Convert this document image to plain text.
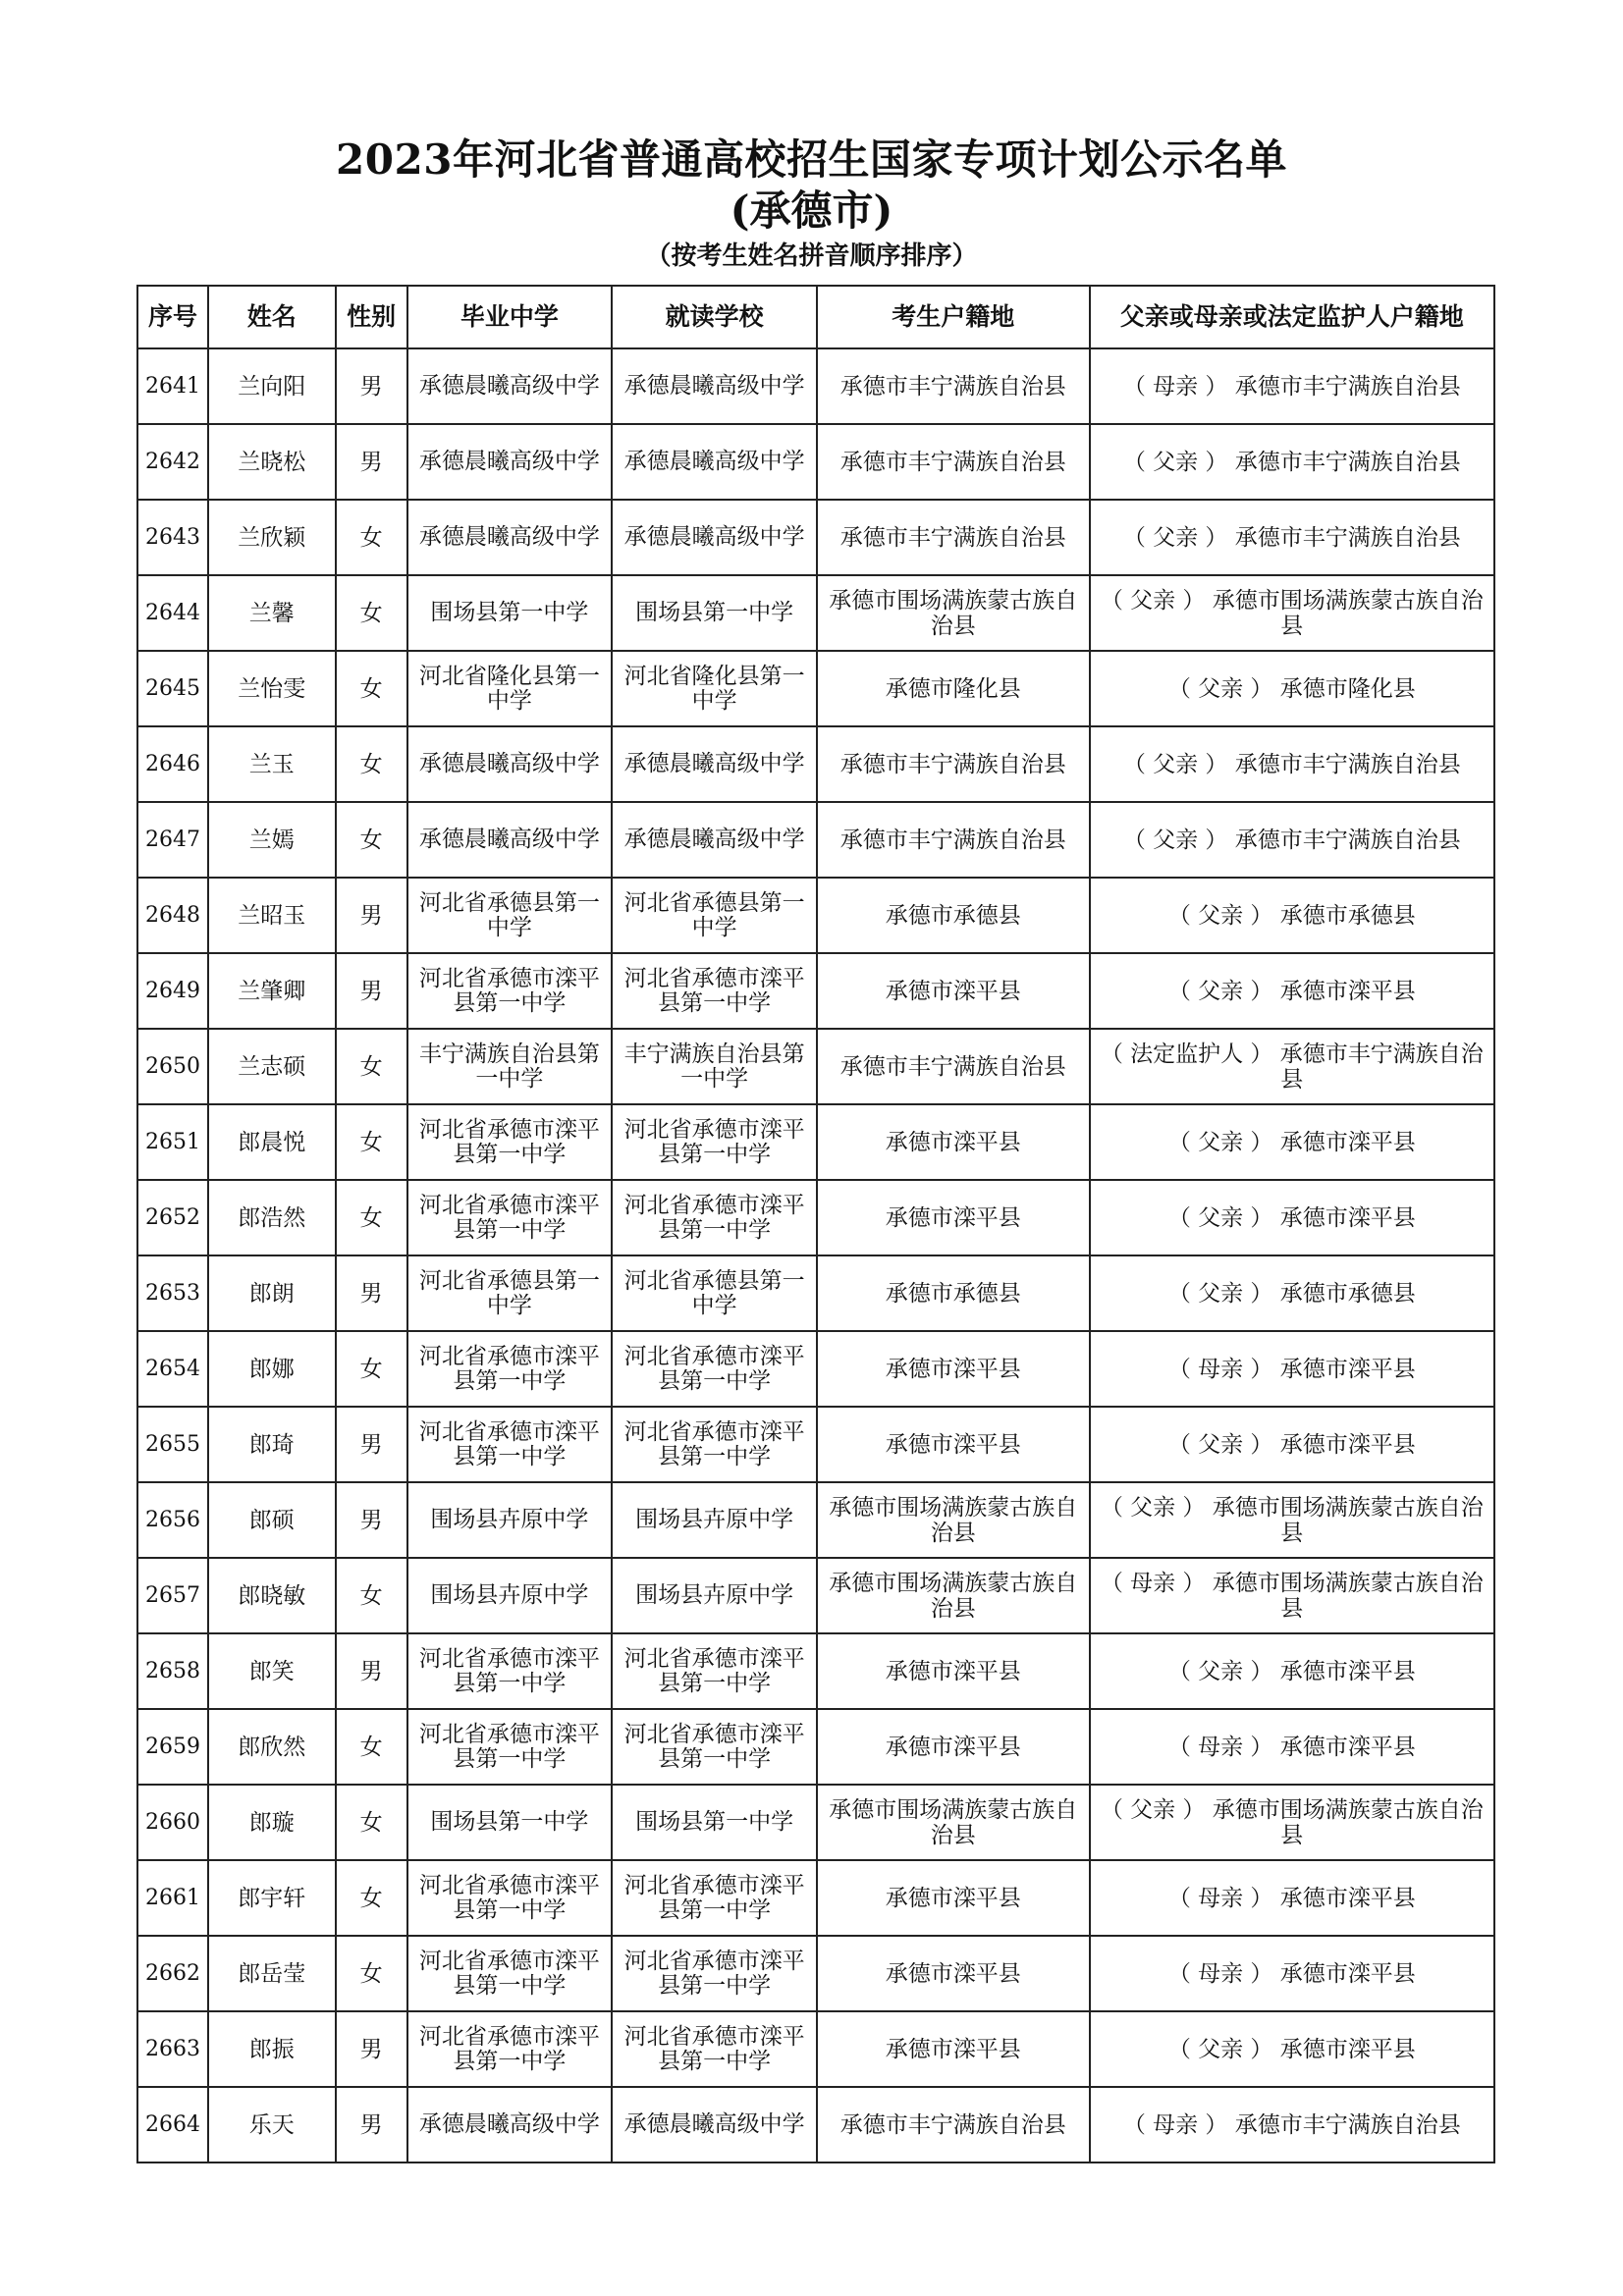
2023年河北省普通高校招生国家专项计划公示名单
(承德市)
（按考生姓名拼音顺序排序）
序号	姓名	性别	毕业中学	就读学校	考生户籍地	父亲或母亲或法定监护人户籍地
2641	兰向阳	男	承德晨曦高级中学	承德晨曦高级中学	承德市丰宁满族自治县	（ 母亲 ） 承德市丰宁满族自治县
2642	兰晓松	男	承德晨曦高级中学	承德晨曦高级中学	承德市丰宁满族自治县	（ 父亲 ） 承德市丰宁满族自治县
2643	兰欣颖	女	承德晨曦高级中学	承德晨曦高级中学	承德市丰宁满族自治县	（ 父亲 ） 承德市丰宁满族自治县
2644	兰馨	女	围场县第一中学	围场县第一中学	承德市围场满族蒙古族自治县	（ 父亲 ） 承德市围场满族蒙古族自治县
2645	兰怡雯	女	河北省隆化县第一中学	河北省隆化县第一中学	承德市隆化县	（ 父亲 ） 承德市隆化县
2646	兰玉	女	承德晨曦高级中学	承德晨曦高级中学	承德市丰宁满族自治县	（ 父亲 ） 承德市丰宁满族自治县
2647	兰嫣	女	承德晨曦高级中学	承德晨曦高级中学	承德市丰宁满族自治县	（ 父亲 ） 承德市丰宁满族自治县
2648	兰昭玉	男	河北省承德县第一中学	河北省承德县第一中学	承德市承德县	（ 父亲 ） 承德市承德县
2649	兰肇卿	男	河北省承德市滦平县第一中学	河北省承德市滦平县第一中学	承德市滦平县	（ 父亲 ） 承德市滦平县
2650	兰志硕	女	丰宁满族自治县第一中学	丰宁满族自治县第一中学	承德市丰宁满族自治县	（ 法定监护人 ） 承德市丰宁满族自治县
2651	郎晨悦	女	河北省承德市滦平县第一中学	河北省承德市滦平县第一中学	承德市滦平县	（ 父亲 ） 承德市滦平县
2652	郎浩然	女	河北省承德市滦平县第一中学	河北省承德市滦平县第一中学	承德市滦平县	（ 父亲 ） 承德市滦平县
2653	郎朗	男	河北省承德县第一中学	河北省承德县第一中学	承德市承德县	（ 父亲 ） 承德市承德县
2654	郎娜	女	河北省承德市滦平县第一中学	河北省承德市滦平县第一中学	承德市滦平县	（ 母亲 ） 承德市滦平县
2655	郎琦	男	河北省承德市滦平县第一中学	河北省承德市滦平县第一中学	承德市滦平县	（ 父亲 ） 承德市滦平县
2656	郎硕	男	围场县卉原中学	围场县卉原中学	承德市围场满族蒙古族自治县	（ 父亲 ） 承德市围场满族蒙古族自治县
2657	郎晓敏	女	围场县卉原中学	围场县卉原中学	承德市围场满族蒙古族自治县	（ 母亲 ） 承德市围场满族蒙古族自治县
2658	郎笑	男	河北省承德市滦平县第一中学	河北省承德市滦平县第一中学	承德市滦平县	（ 父亲 ） 承德市滦平县
2659	郎欣然	女	河北省承德市滦平县第一中学	河北省承德市滦平县第一中学	承德市滦平县	（ 母亲 ） 承德市滦平县
2660	郎璇	女	围场县第一中学	围场县第一中学	承德市围场满族蒙古族自治县	（ 父亲 ） 承德市围场满族蒙古族自治县
2661	郎宇轩	女	河北省承德市滦平县第一中学	河北省承德市滦平县第一中学	承德市滦平县	（ 母亲 ） 承德市滦平县
2662	郎岳莹	女	河北省承德市滦平县第一中学	河北省承德市滦平县第一中学	承德市滦平县	（ 母亲 ） 承德市滦平县
2663	郎振	男	河北省承德市滦平县第一中学	河北省承德市滦平县第一中学	承德市滦平县	（ 父亲 ） 承德市滦平县
2664	乐天	男	承德晨曦高级中学	承德晨曦高级中学	承德市丰宁满族自治县	（ 母亲 ） 承德市丰宁满族自治县
